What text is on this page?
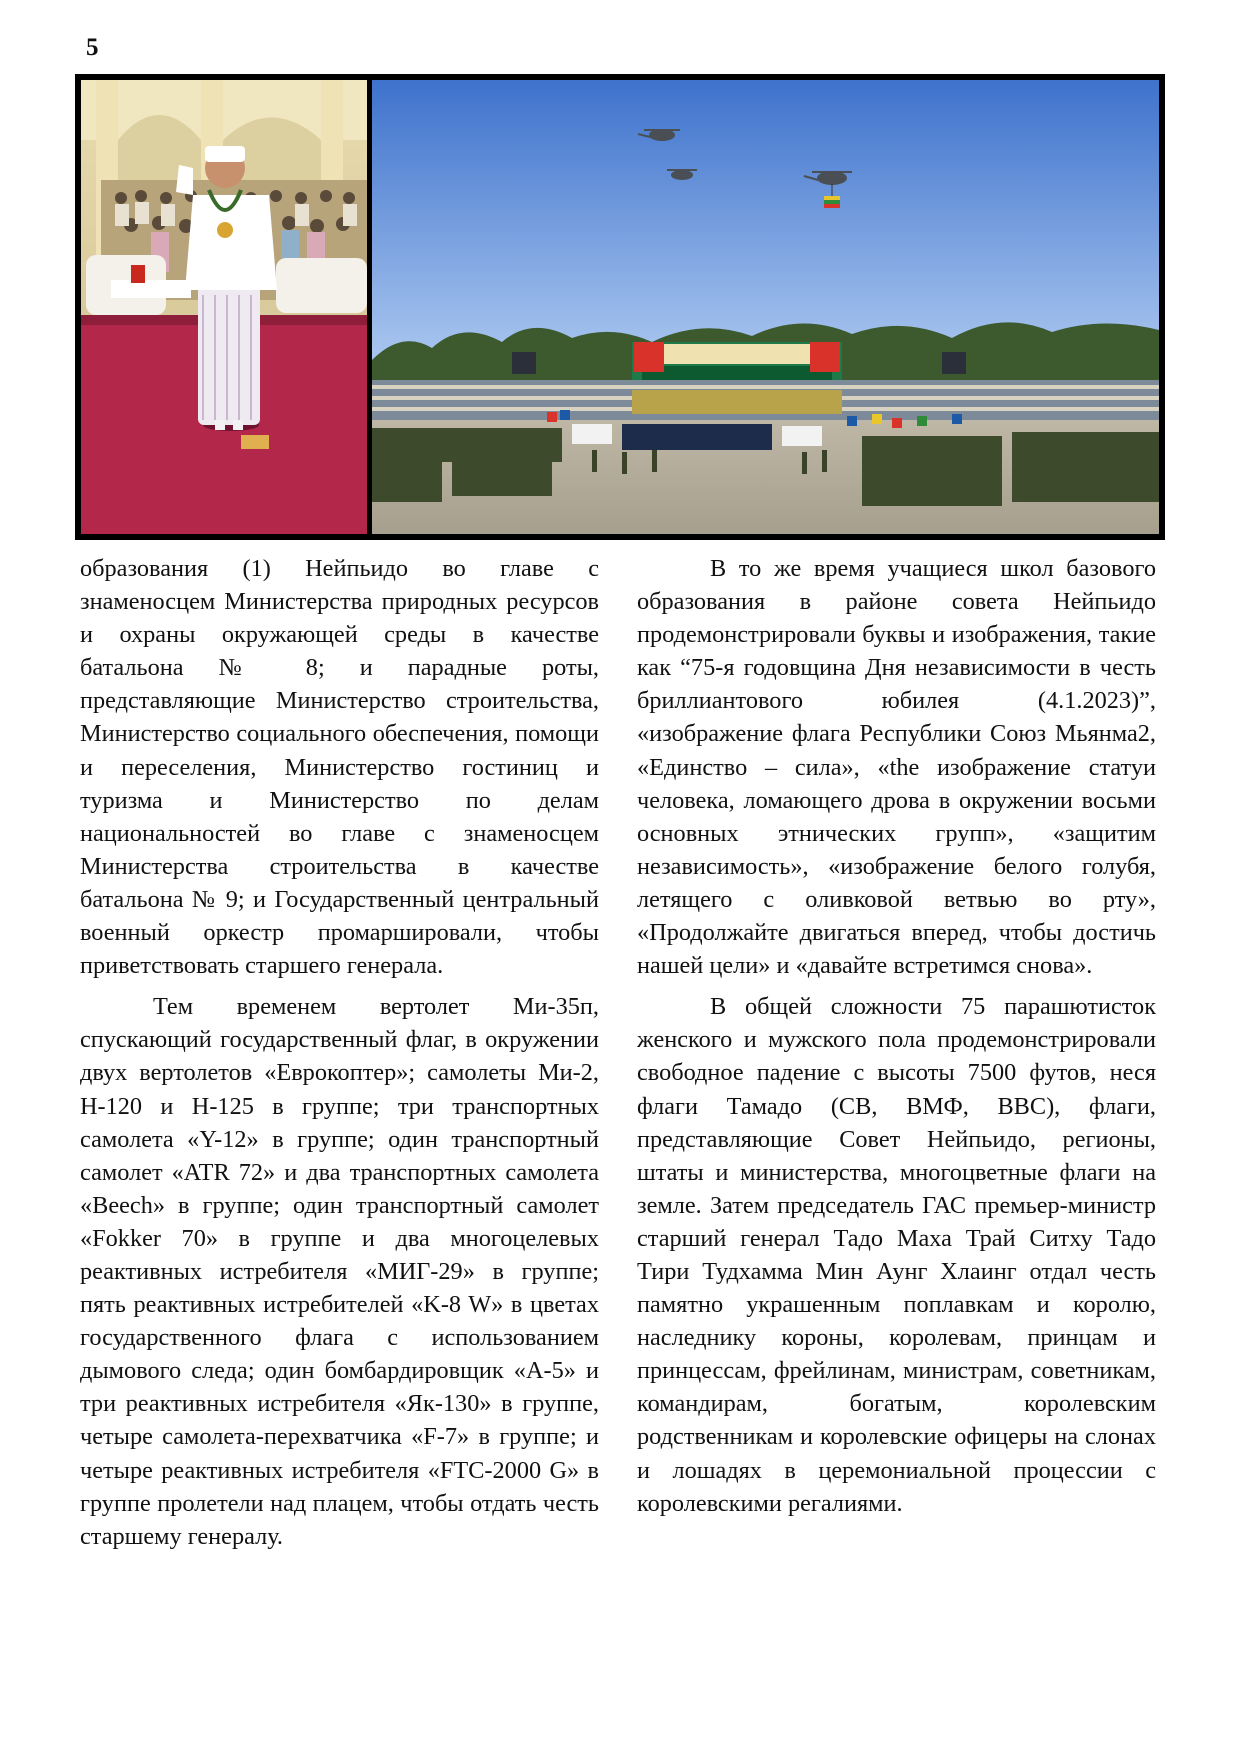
5

образования (1) Нейпьидо во главе с знаменосцем Министерства природных ресурсов и охраны окружающей среды в качестве батальона № 8; и парадные роты, представляющие Министерство строительства, Министерство социального обеспечения, помощи и переселения, Министерство гостиниц и туризма и Министерство по делам национальностей во главе с знаменосцем Министерства строительства в качестве батальона № 9; и Государственный центральный военный оркестр промаршировали, чтобы приветствовать старшего генерала.

Тем временем вертолет Ми-35п, спускающий государственный флаг, в окружении двух вертолетов «Еврокоптер»; самолеты Ми-2, H-120 и H-125 в группе; три транспортных самолета «Y-12» в группе; один транспортный самолет «ATR 72» и два транспортных самолета «Beech» в группе; один транспортный самолет «Fokker 70» в группе и два многоцелевых реактивных истребителя «МИГ-29» в группе; пять реактивных истребителей «K-8 W» в цветах государственного флага с использованием дымового следа; один бомбардировщик «A-5» и три реактивных истребителя «Як-130» в группе, четыре самолета-перехватчика «F-7» в группе; и четыре реактивных истребителя «FTC-2000 G» в группе пролетели над плацем, чтобы отдать честь старшему генералу.

В то же время учащиеся школ базового образования в районе совета Нейпьидо продемонстрировали буквы и изображения, такие как “75-я годовщина Дня независимости в честь бриллиантового юбилея (4.1.2023)”, «изображение флага Республики Союз Мьянма2, «Единство – сила», «the изображение статуи человека, ломающего дрова в окружении восьми основных этнических групп», «защитим независимость», «изображение белого голубя, летящего с оливковой ветвью во рту», «Продолжайте двигаться вперед, чтобы достичь нашей цели» и «давайте встретимся снова».

В общей сложности 75 парашютисток женского и мужского пола продемонстрировали свободное падение с высоты 7500 футов, неся флаги Тамадо (СВ, ВМФ, ВВС), флаги, представляющие Совет Нейпьидо, регионы, штаты и министерства, многоцветные флаги на земле. Затем председатель ГАС премьер-министр старший генерал Тадо Маха Трай Ситху Тадо Тири Тудхамма Мин Аунг Хлаинг отдал честь памятно украшенным поплавкам и королю, наследнику короны, королевам, принцам и принцессам, фрейлинам, министрам, советникам, командирам, богатым, королевским родственникам и королевские офицеры на слонах и лошадях в церемониальной процессии с королевскими регалиями.
